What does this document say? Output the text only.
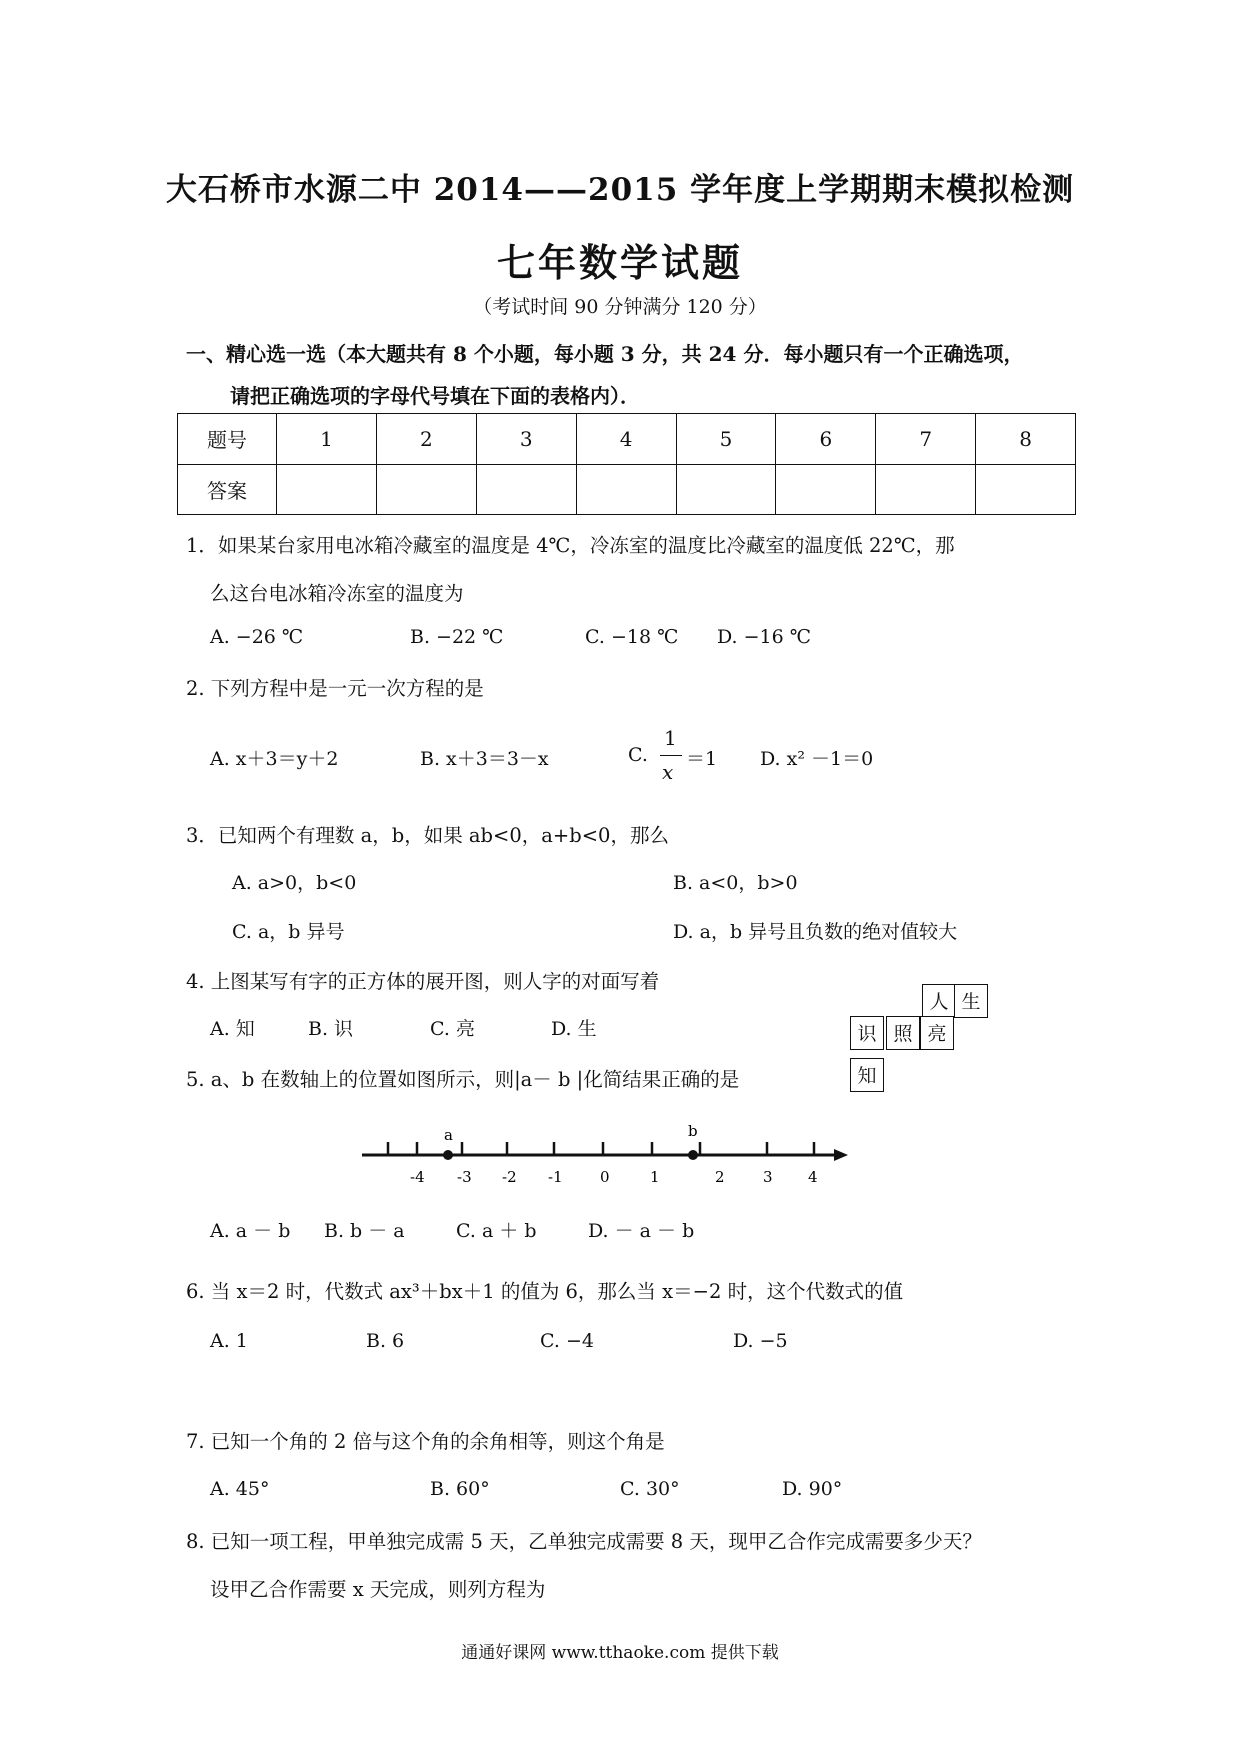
大石桥市水源二中 2014——2015 学年度上学期期末模拟检测
七年数学试题
（考试时间 90 分钟满分 120 分）
一、精心选一选（本大题共有 8 个小题，每小题 3 分，共 24 分．每小题只有一个正确选项，
请把正确选项的字母代号填在下面的表格内）．
题号	1	2	3	4	5	6	7	8
答案								
1．如果某台家用电冰箱冷藏室的温度是 4℃，冷冻室的温度比冷藏室的温度低 22℃，那
么这台电冰箱冷冻室的温度为
A. −26 ℃	B. −22 ℃	C. −18 ℃ D. −16 ℃
2. 下列方程中是一元一次方程的是
A. x＋3＝y＋2	B. x＋3＝3－x	C.
1
x
＝1 D. x² －1＝0
3．已知两个有理数 a，b，如果 ab<0，a+b<0，那么
A. a>0，b<0	B. a<0，b>0
C. a，b 异号	D. a，b 异号且负数的绝对值较大
4. 上图某写有字的正方体的展开图，则人字的对面写着
A. 知	B. 识	C. 亮	D. 生
人 生
识 照 亮
知
5. a、b 在数轴上的位置如图所示，则|a－ b |化简结果正确的是
a	b
-4 -3 -2 -1 0	1	2	3 4
A. a － b B. b － a	C. a ＋ b	D. － a － b
6. 当 x＝2 时，代数式 ax³＋bx＋1 的值为 6，那么当 x＝−2 时，这个代数式的值
A. 1	B. 6	C. −4	D. −5
7. 已知一个角的 2 倍与这个角的余角相等，则这个角是
A. 45°	B. 60°	C. 30°	D. 90°
8. 已知一项工程，甲单独完成需 5 天，乙单独完成需要 8 天，现甲乙合作完成需要多少天？
设甲乙合作需要 x 天完成，则列方程为
通通好课网 www.tthaoke.com 提供下载
